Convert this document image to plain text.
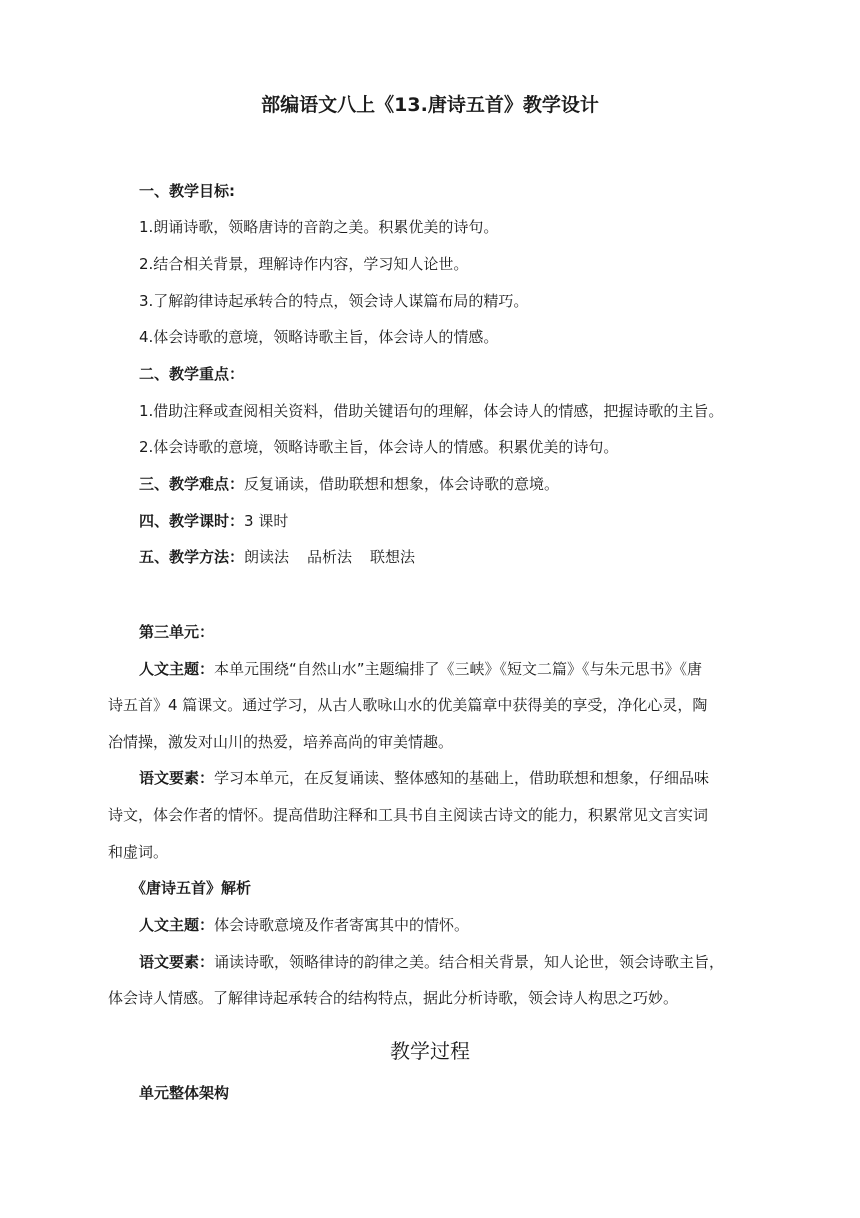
部编语文八上《13.唐诗五首》教学设计
一、教学目标:
1.朗诵诗歌，领略唐诗的音韵之美。积累优美的诗句。
2.结合相关背景，理解诗作内容，学习知人论世。
3.了解韵律诗起承转合的特点，领会诗人谋篇布局的精巧。
4.体会诗歌的意境，领略诗歌主旨，体会诗人的情感。
二、教学重点：
1.借助注释或查阅相关资料，借助关键语句的理解，体会诗人的情感，把握诗歌的主旨。
2.体会诗歌的意境，领略诗歌主旨，体会诗人的情感。积累优美的诗句。
三、教学难点：反复诵读，借助联想和想象，体会诗歌的意境。
四、教学课时：3 课时
五、教学方法：朗读法 品析法 联想法
第三单元：
人文主题：本单元围绕“自然山水”主题编排了《三峡》《短文二篇》《与朱元思书》《唐
诗五首》4 篇课文。通过学习，从古人歌咏山水的优美篇章中获得美的享受，净化心灵，陶
冶情操，激发对山川的热爱，培养高尚的审美情趣。
语文要素：学习本单元，在反复诵读、整体感知的基础上，借助联想和想象，仔细品味
诗文，体会作者的情怀。提高借助注释和工具书自主阅读古诗文的能力，积累常见文言实词
和虚词。
《唐诗五首》解析
人文主题：体会诗歌意境及作者寄寓其中的情怀。
语文要素：诵读诗歌，领略律诗的韵律之美。结合相关背景，知人论世，领会诗歌主旨，
体会诗人情感。了解律诗起承转合的结构特点，据此分析诗歌，领会诗人构思之巧妙。
教学过程
单元整体架构
